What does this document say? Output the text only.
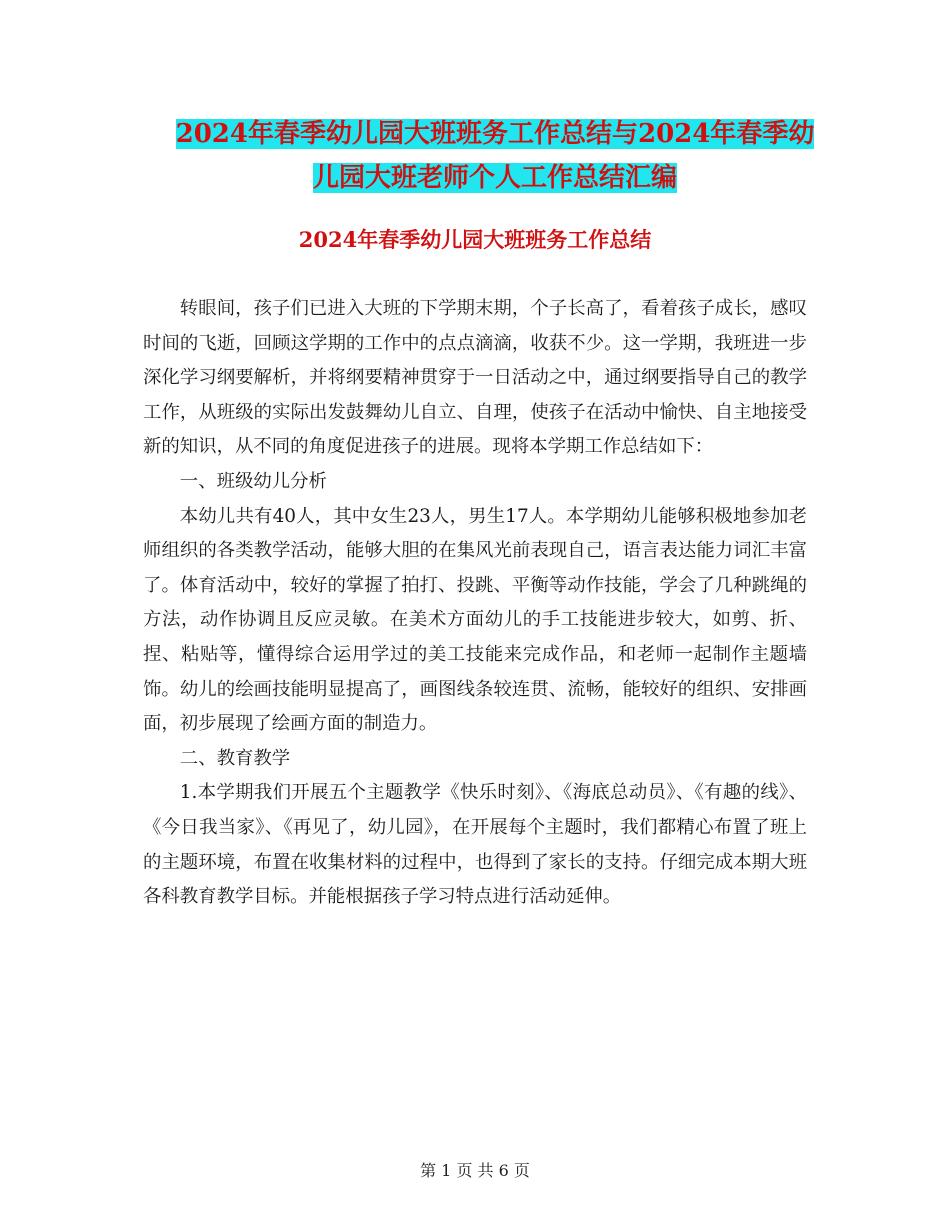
2024年春季幼儿园大班班务工作总结与2024年春季幼
儿园大班老师个人工作总结汇编
2024年春季幼儿园大班班务工作总结

转眼间，孩子们已进入大班的下学期末期，个子长高了，看着孩子成长，感叹时间的飞逝，回顾这学期的工作中的点点滴滴，收获不少。这一学期，我班进一步深化学习纲要解析，并将纲要精神贯穿于一日活动之中，通过纲要指导自己的教学工作，从班级的实际出发鼓舞幼儿自立、自理，使孩子在活动中愉快、自主地接受新的知识，从不同的角度促进孩子的进展。现将本学期工作总结如下：

一、班级幼儿分析

本幼儿共有40人，其中女生23人，男生17人。本学期幼儿能够积极地参加老师组织的各类教学活动，能够大胆的在集风光前表现自己，语言表达能力词汇丰富了。体育活动中，较好的掌握了拍打、投跳、平衡等动作技能，学会了几种跳绳的方法，动作协调且反应灵敏。在美术方面幼儿的手工技能进步较大，如剪、折、捏、粘贴等，懂得综合运用学过的美工技能来完成作品，和老师一起制作主题墙饰。幼儿的绘画技能明显提高了，画图线条较连贯、流畅，能较好的组织、安排画面，初步展现了绘画方面的制造力。

二、教育教学

1.本学期我们开展五个主题教学《快乐时刻》、《海底总动员》、《有趣的线》、《今日我当家》、《再见了，幼儿园》，在开展每个主题时，我们都精心布置了班上的主题环境，布置在收集材料的过程中，也得到了家长的支持。仔细完成本期大班各科教育教学目标。并能根据孩子学习特点进行活动延伸。

第 1 页 共 6 页
